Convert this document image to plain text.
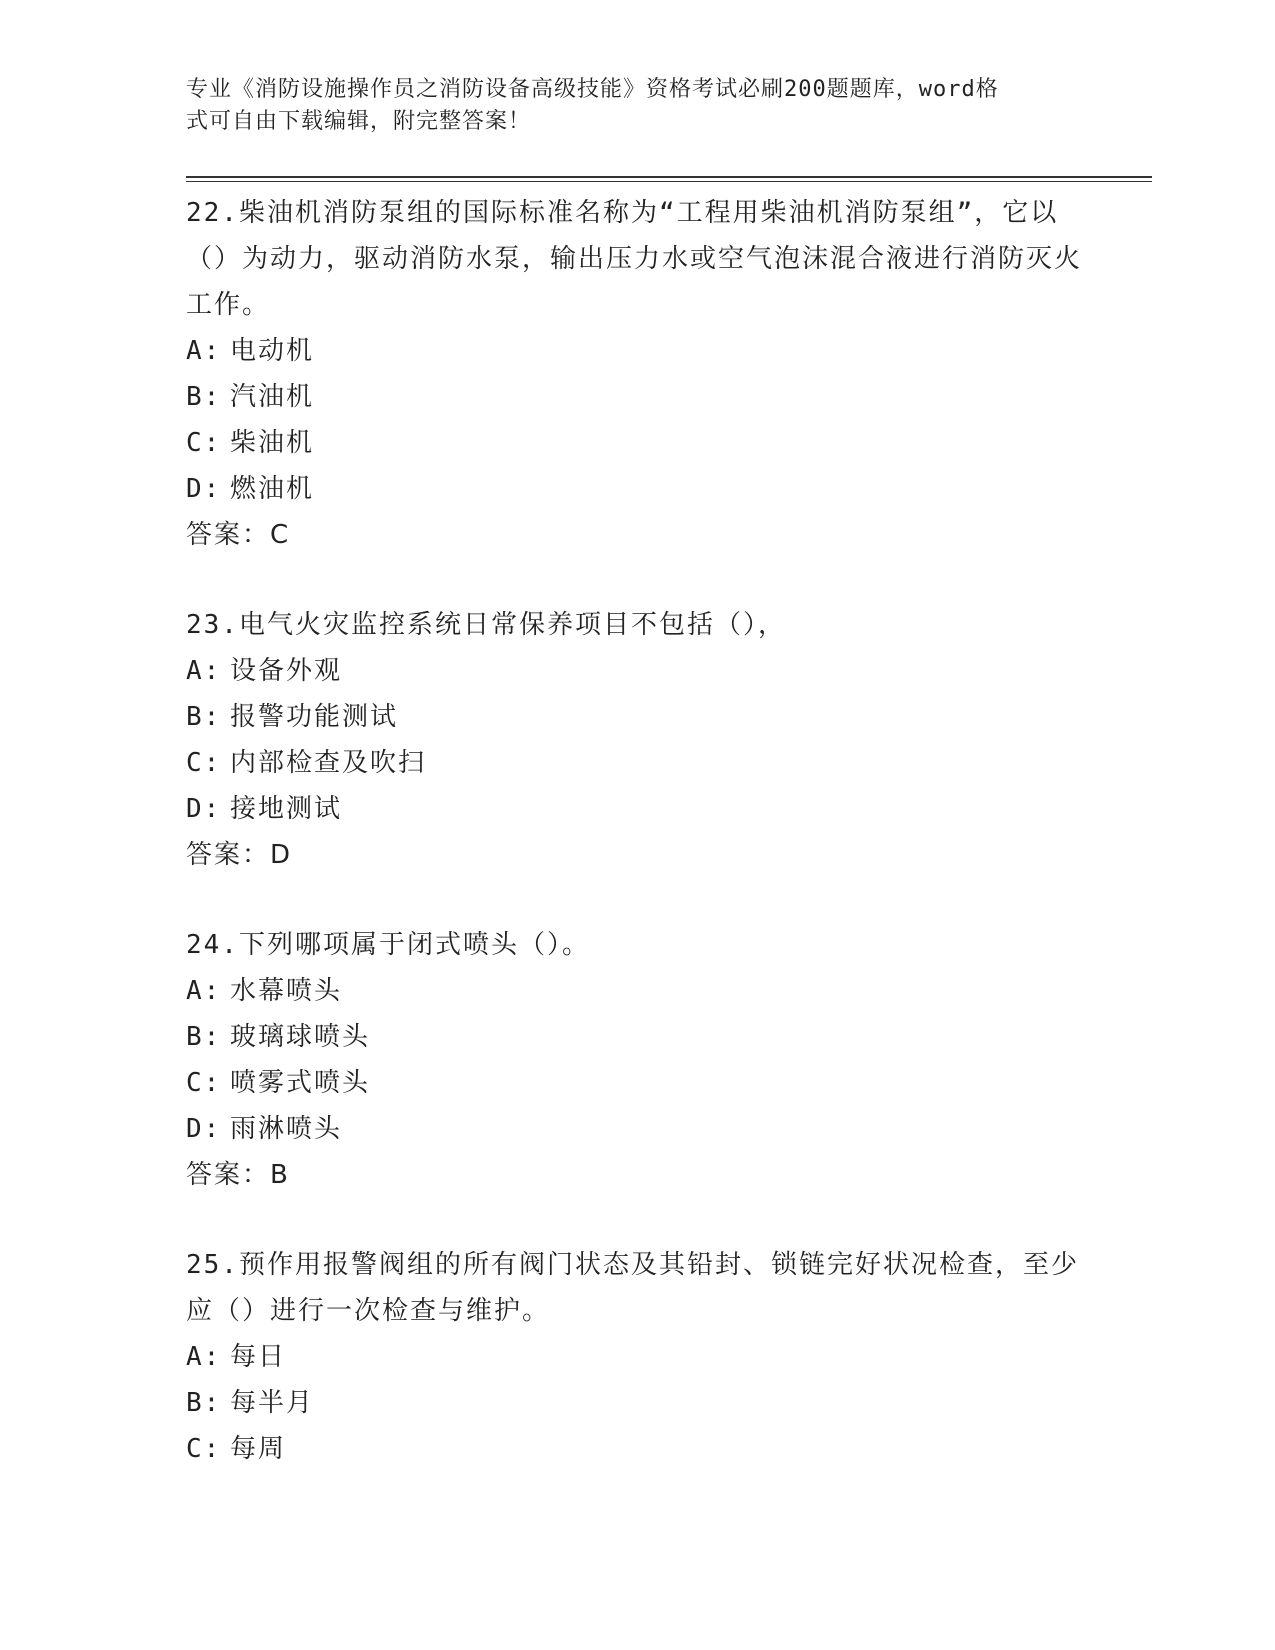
专业《消防设施操作员之消防设备高级技能》资格考试必刷200题题库，word格
式可自由下载编辑，附完整答案！

22.柴油机消防泵组的国际标准名称为“工程用柴油机消防泵组”，它以（）为动力，驱动消防水泵，输出压力水或空气泡沫混合液进行消防灭火工作。

A: 电动机

B: 汽油机

C: 柴油机

D: 燃油机

答案：C

23.电气火灾监控系统日常保养项目不包括（），

A: 设备外观

B: 报警功能测试

C: 内部检查及吹扫

D: 接地测试

答案：D

24.下列哪项属于闭式喷头（）。

A: 水幕喷头

B: 玻璃球喷头

C: 喷雾式喷头

D: 雨淋喷头

答案：B

25.预作用报警阀组的所有阀门状态及其铅封、锁链完好状况检查，至少应（）进行一次检查与维护。

A: 每日

B: 每半月

C: 每周
